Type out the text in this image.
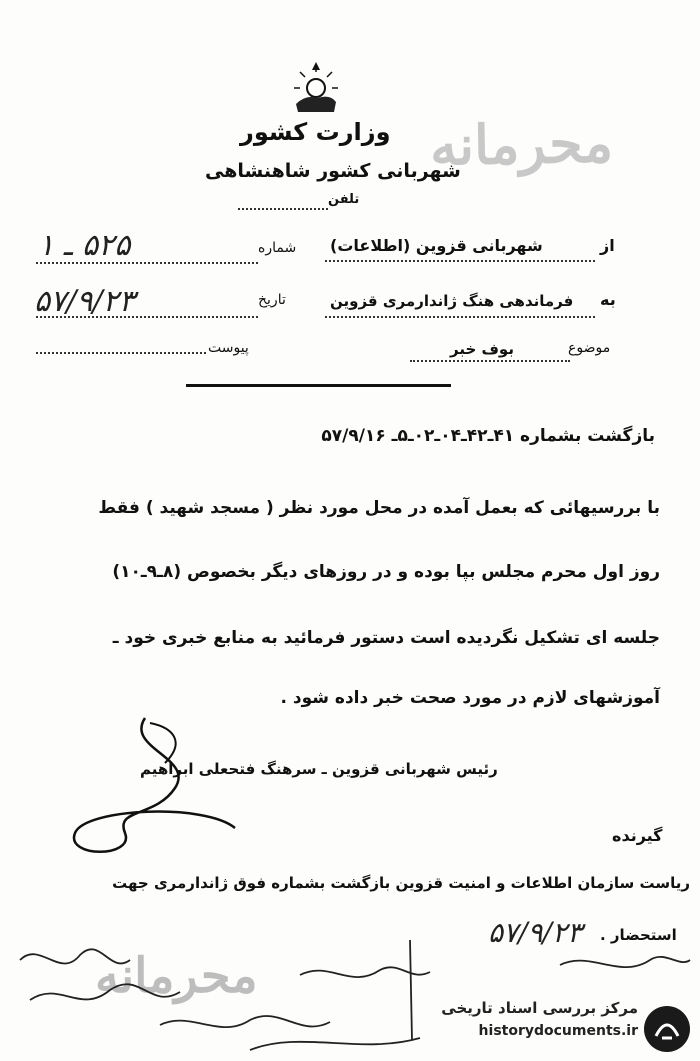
وزارت کشور
شهربانی کشور شاهنشاهی
تلفن
محرمانه
از
شهربانی قزوین (اطلاعات)
به
فرماندهی هنگ ژاندارمری قزوین
موضوع
بوف خبر
شماره
۵۲۵ ـ ۱
تاریخ
۵۷/۹/۲۳
پیوست
بازگشت بشماره ۴۱ـ۴۲ـ۰۴ـ۰۲ـ۵ـ ۵۷/۹/۱۶
با بررسیهائی که بعمل آمده در محل مورد نظر ( مسجد شهید ) فقط
روز اول محرم مجلس بپا بوده و در روزهای دیگر بخصوص (۸ـ۹ـ۱۰)
جلسه ای تشکیل نگردیده است دستور فرمائید به منابع خبری خود ـ
آموزشهای لازم در مورد صحت خبر داده شود .
رئیس شهربانی قزوین ـ سرهنگ فتحعلی ابراهیم
گیرنده
ریاست سازمان اطلاعات و امنیت قزوین بازگشت بشماره فوق ژاندارمری جهت
استحضار .
۵۷/۹/۲۳
محرمانه
مرکز بررسی اسناد تاریخی
historydocuments.ir
